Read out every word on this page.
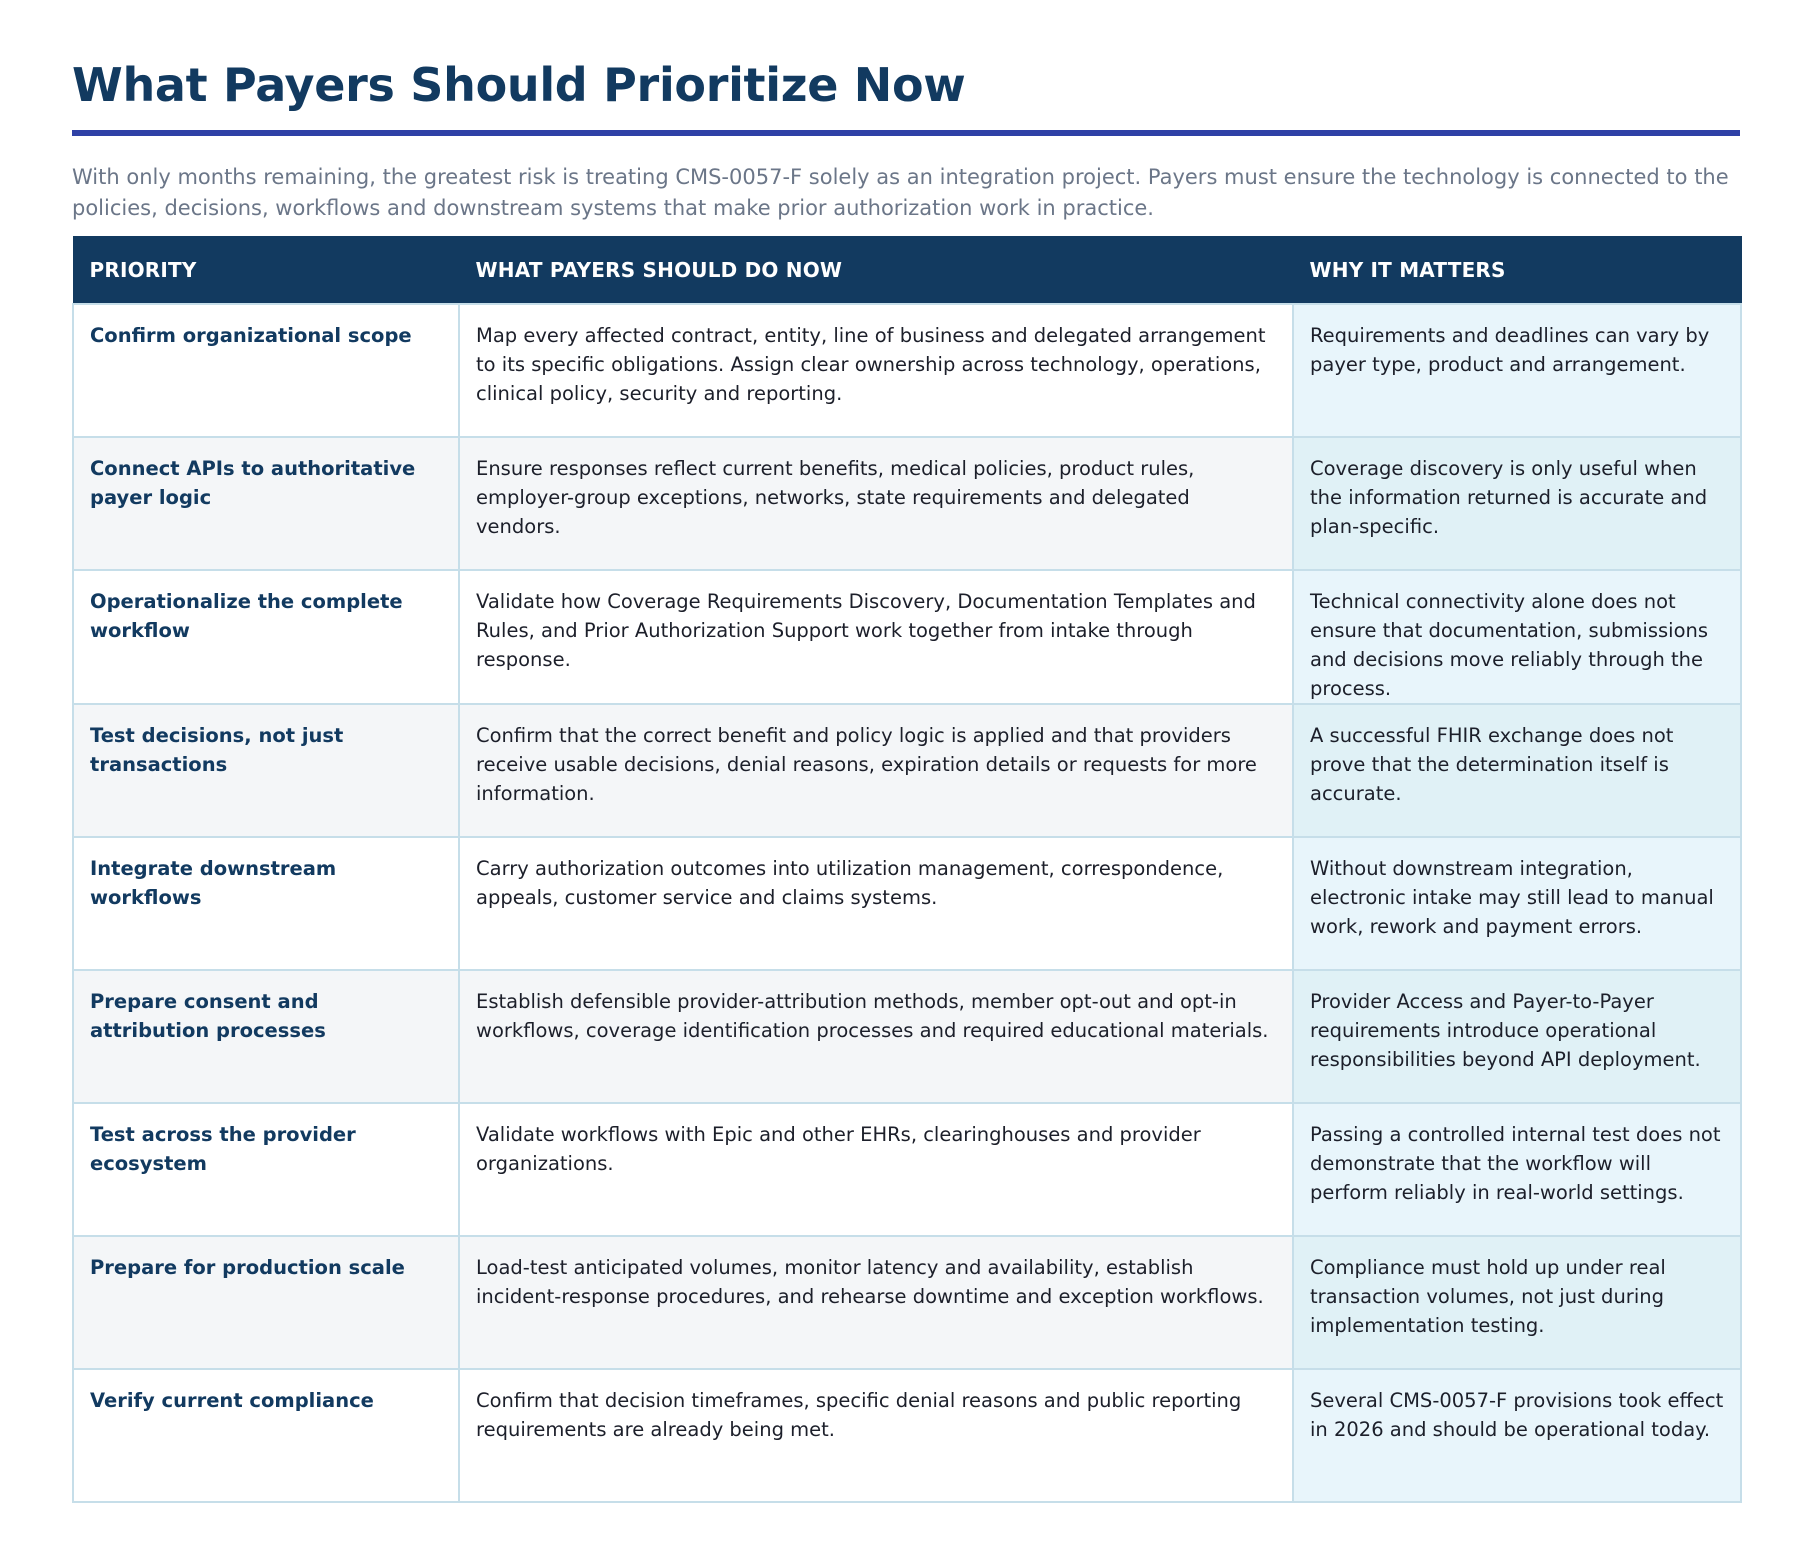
What Payers Should Prioritize Now

With only months remaining, the greatest risk is treating CMS-0057-F solely as an integration project. Payers must ensure the technology is connected to the policies, decisions, workflows and downstream systems that make prior authorization work in practice.

PRIORITY	WHAT PAYERS SHOULD DO NOW	WHY IT MATTERS
Confirm organizational scope	Map every affected contract, entity, line of business and delegated arrangement to its specific obligations. Assign clear ownership across technology, operations, clinical policy, security and reporting.	Requirements and deadlines can vary by payer type, product and arrangement.
Connect APIs to authoritative payer logic	Ensure responses reflect current benefits, medical policies, product rules, employer-group exceptions, networks, state requirements and delegated vendors.	Coverage discovery is only useful when the information returned is accurate and plan-specific.
Operationalize the complete workflow	Validate how Coverage Requirements Discovery, Documentation Templates and Rules, and Prior Authorization Support work together from intake through response.	Technical connectivity alone does not ensure that documentation, submissions and decisions move reliably through the process.
Test decisions, not just transactions	Confirm that the correct benefit and policy logic is applied and that providers receive usable decisions, denial reasons, expiration details or requests for more information.	A successful FHIR exchange does not prove that the determination itself is accurate.
Integrate downstream workflows	Carry authorization outcomes into utilization management, correspondence, appeals, customer service and claims systems.	Without downstream integration, electronic intake may still lead to manual work, rework and payment errors.
Prepare consent and attribution processes	Establish defensible provider-attribution methods, member opt-out and opt-in workflows, coverage identification processes and required educational materials.	Provider Access and Payer-to-Payer requirements introduce operational responsibilities beyond API deployment.
Test across the provider ecosystem	Validate workflows with Epic and other EHRs, clearinghouses and provider organizations.	Passing a controlled internal test does not demonstrate that the workflow will perform reliably in real-world settings.
Prepare for production scale	Load-test anticipated volumes, monitor latency and availability, establish incident-response procedures, and rehearse downtime and exception workflows.	Compliance must hold up under real transaction volumes, not just during implementation testing.
Verify current compliance	Confirm that decision timeframes, specific denial reasons and public reporting requirements are already being met.	Several CMS-0057-F provisions took effect in 2026 and should be operational today.
